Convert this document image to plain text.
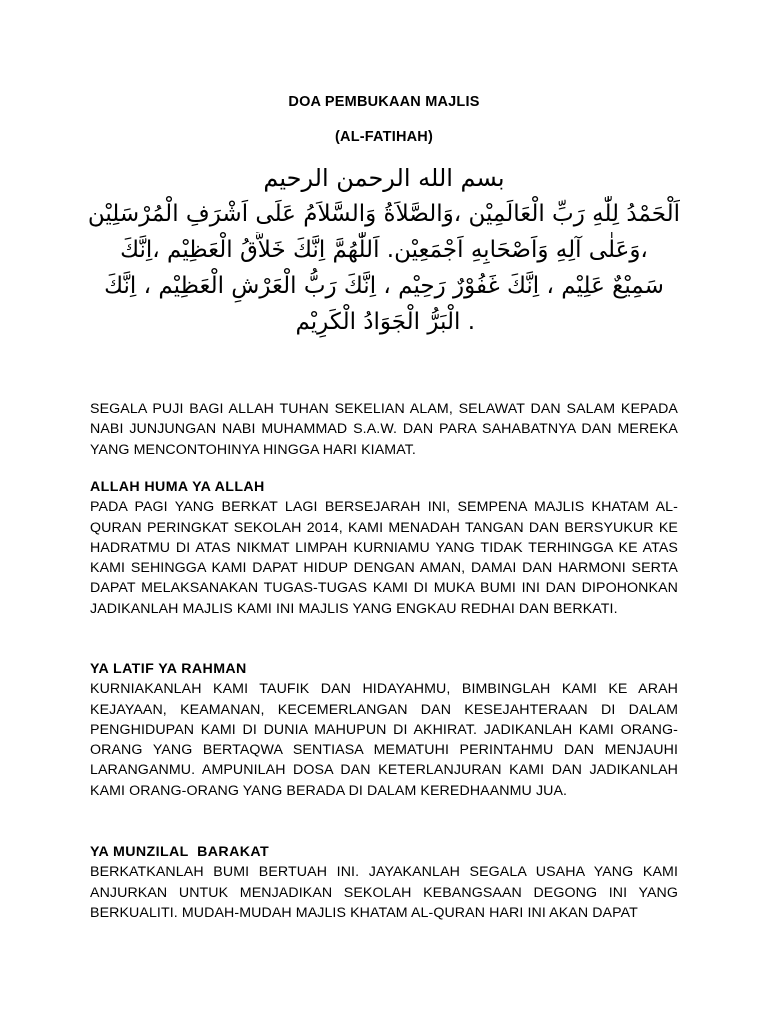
DOA PEMBUKAAN MAJLIS
(AL-FATIHAH)
بسم الله الرحمن الرحيم
اَلْحَمْدُ لِلّٰهِ رَبِّ الْعَالَمِيْن ،وَالصَّلاَةُ وَالسَّلاَمُ عَلَى اَشْرَفِ الْمُرْسَلِيْن
،وَعَلٰى آلِهِ وَاَصْحَابِهِ اَجْمَعِيْن. اَللّٰهُمَّ اِنَّكَ خَلاَّقُ الْعَظِيْم ،اِنَّكَ
سَمِيْعٌ عَلِيْم ، اِنَّكَ غَفُوْرٌ رَحِيْم ، اِنَّكَ رَبُّ الْعَرْشِ الْعَظِيْم ، اِنَّكَ
. الْبَرُّ الْجَوَادُ الْكَرِيْم

SEGALA PUJI BAGI ALLAH TUHAN SEKELIAN ALAM, SELAWAT DAN SALAM KEPADA NABI JUNJUNGAN NABI MUHAMMAD S.A.W. DAN PARA SAHABATNYA DAN MEREKA YANG MENCONTOHINYA HINGGA HARI KIAMAT.

ALLAH HUMA YA ALLAH

PADA PAGI YANG BERKAT LAGI BERSEJARAH INI, SEMPENA MAJLIS KHATAM AL-QURAN PERINGKAT SEKOLAH 2014, KAMI MENADAH TANGAN DAN BERSYUKUR KE HADRATMU DI ATAS NIKMAT LIMPAH KURNIAMU YANG TIDAK TERHINGGA KE ATAS KAMI SEHINGGA KAMI DAPAT HIDUP DENGAN AMAN, DAMAI DAN HARMONI SERTA DAPAT MELAKSANAKAN TUGAS-TUGAS KAMI DI MUKA BUMI INI DAN DIPOHONKAN JADIKANLAH MAJLIS KAMI INI MAJLIS YANG ENGKAU REDHAI DAN BERKATI.

YA LATIF YA RAHMAN

KURNIAKANLAH KAMI TAUFIK DAN HIDAYAHMU, BIMBINGLAH KAMI KE ARAH KEJAYAAN, KEAMANAN, KECEMERLANGAN DAN KESEJAHTERAAN DI DALAM PENGHIDUPAN KAMI DI DUNIA MAHUPUN DI AKHIRAT. JADIKANLAH KAMI ORANG-ORANG YANG BERTAQWA SENTIASA MEMATUHI PERINTAHMU DAN MENJAUHI LARANGANMU. AMPUNILAH DOSA DAN KETERLANJURAN KAMI DAN JADIKANLAH KAMI ORANG-ORANG YANG BERADA DI DALAM KEREDHAANMU JUA.

YA MUNZILAL  BARAKAT

BERKATKANLAH BUMI BERTUAH INI. JAYAKANLAH SEGALA USAHA YANG KAMI ANJURKAN UNTUK MENJADIKAN SEKOLAH KEBANGSAAN DEGONG INI YANG BERKUALITI. MUDAH-MUDAH MAJLIS KHATAM AL-QURAN HARI INI AKAN DAPAT
